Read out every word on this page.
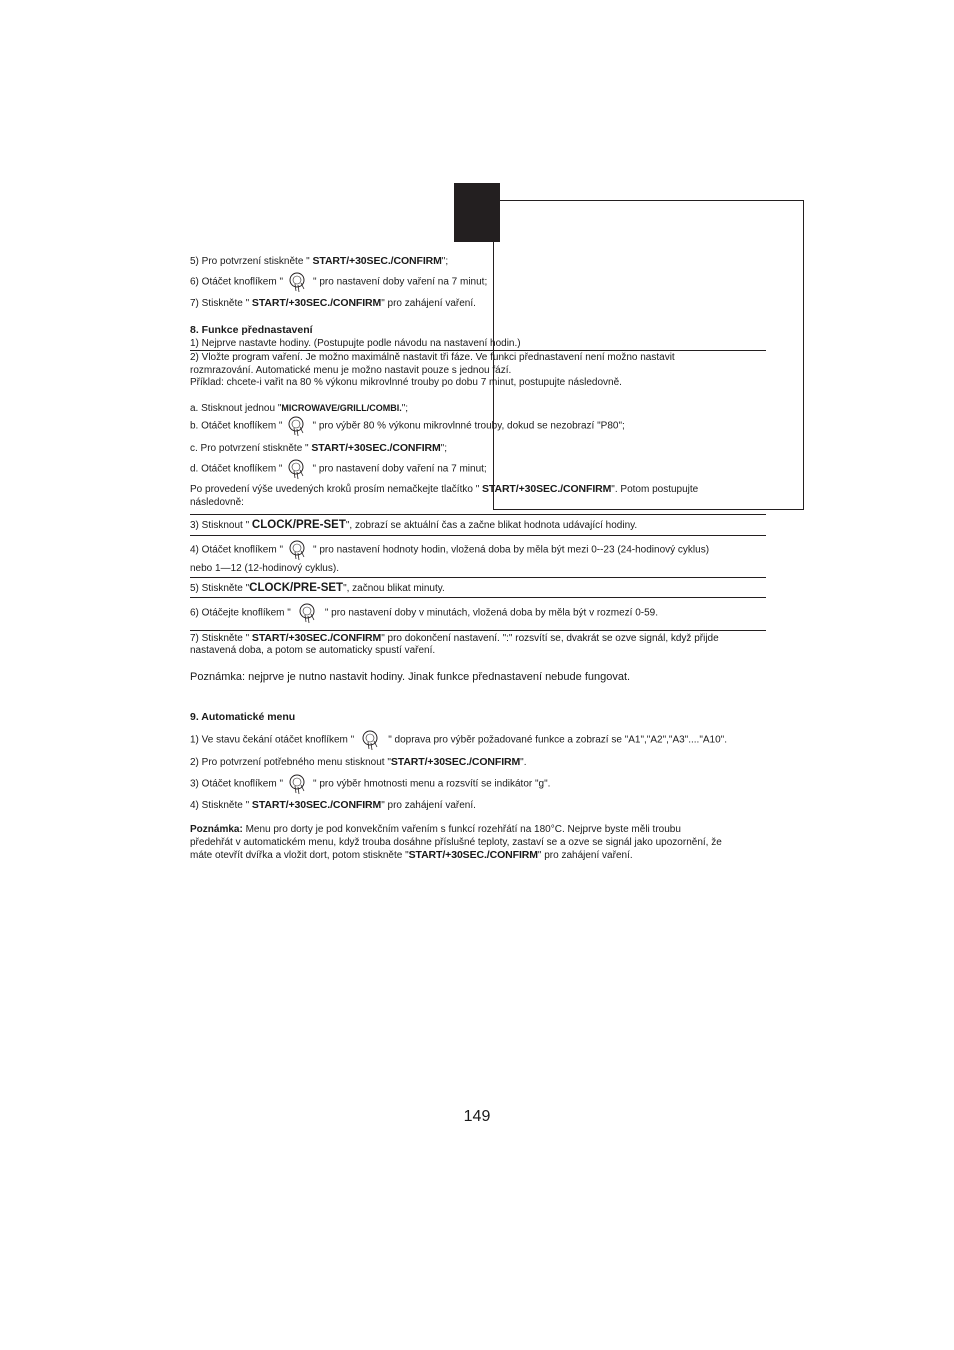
5) Pro potvrzení stiskněte " START/+30SEC./CONFIRM";
6) Otáčet knoflíkem "	" pro nastavení doby vaření na 7 minut;
7) Stiskněte " START/+30SEC./CONFIRM" pro zahájení vaření.
8. Funkce přednastavení
1) Nejprve nastavte hodiny. (Postupujte podle návodu na nastavení hodin.)
2) Vložte program vaření. Je možno maximálně nastavit tři fáze. Ve funkci přednastavení není možno nastavit
rozmrazování. Automatické menu je možno nastavit pouze s jednou fází.
Příklad: chcete-i vařit na 80 % výkonu mikrovlnné trouby po dobu 7 minut, postupujte následovně.
a. Stisknout jednou "MICROWAVE/GRILL/COMBI.";
b. Otáčet knoflíkem "	" pro výběr 80 % výkonu mikrovlnné trouby, dokud se nezobrazí "P80";
c. Pro potvrzení stiskněte " START/+30SEC./CONFIRM";
d. Otáčet knoflíkem "	" pro nastavení doby vaření na 7 minut;
Po provedení výše uvedených kroků prosím nemačkejte tlačítko " START/+30SEC./CONFIRM". Potom postupujte
následovně:
3) Stisknout " CLOCK/PRE-SET", zobrazí se aktuální čas a začne blikat hodnota udávající hodiny.
4) Otáčet knoflíkem "	" pro nastavení hodnoty hodin, vložená doba by měla být mezi 0--23 (24-hodinový cyklus)
nebo 1—12 (12-hodinový cyklus).
5) Stiskněte "CLOCK/PRE-SET", začnou blikat minuty.
6) Otáčejte knoflíkem "	" pro nastavení doby v minutách, vložená doba by měla být v rozmezí 0-59.
7) Stiskněte " START/+30SEC./CONFIRM" pro dokončení nastavení. ":" rozsvítí se, dvakrát se ozve signál, když přijde
nastavená doba, a potom se automaticky spustí vaření.
Poznámka: nejprve je nutno nastavit hodiny. Jinak funkce přednastavení nebude fungovat.
9. Automatické menu
1) Ve stavu čekání otáčet knoflíkem "	" doprava pro výběr požadované funkce a zobrazí se "A1","A2","A3"...."A10".
2) Pro potvrzení potřebného menu stisknout "START/+30SEC./CONFIRM".
3) Otáčet knoflíkem "	" pro výběr hmotnosti menu a rozsvítí se indikátor "g".
4) Stiskněte " START/+30SEC./CONFIRM" pro zahájení vaření.
Poznámka: Menu pro dorty je pod konvekčním vařením s funkcí rozehřátí na 180°C. Nejprve byste měli troubu
předehřát v automatickém menu, když trouba dosáhne příslušné teploty, zastaví se a ozve se signál jako upozornění, že
máte otevřít dvířka a vložit dort, potom stiskněte "START/+30SEC./CONFIRM" pro zahájení vaření.
149
